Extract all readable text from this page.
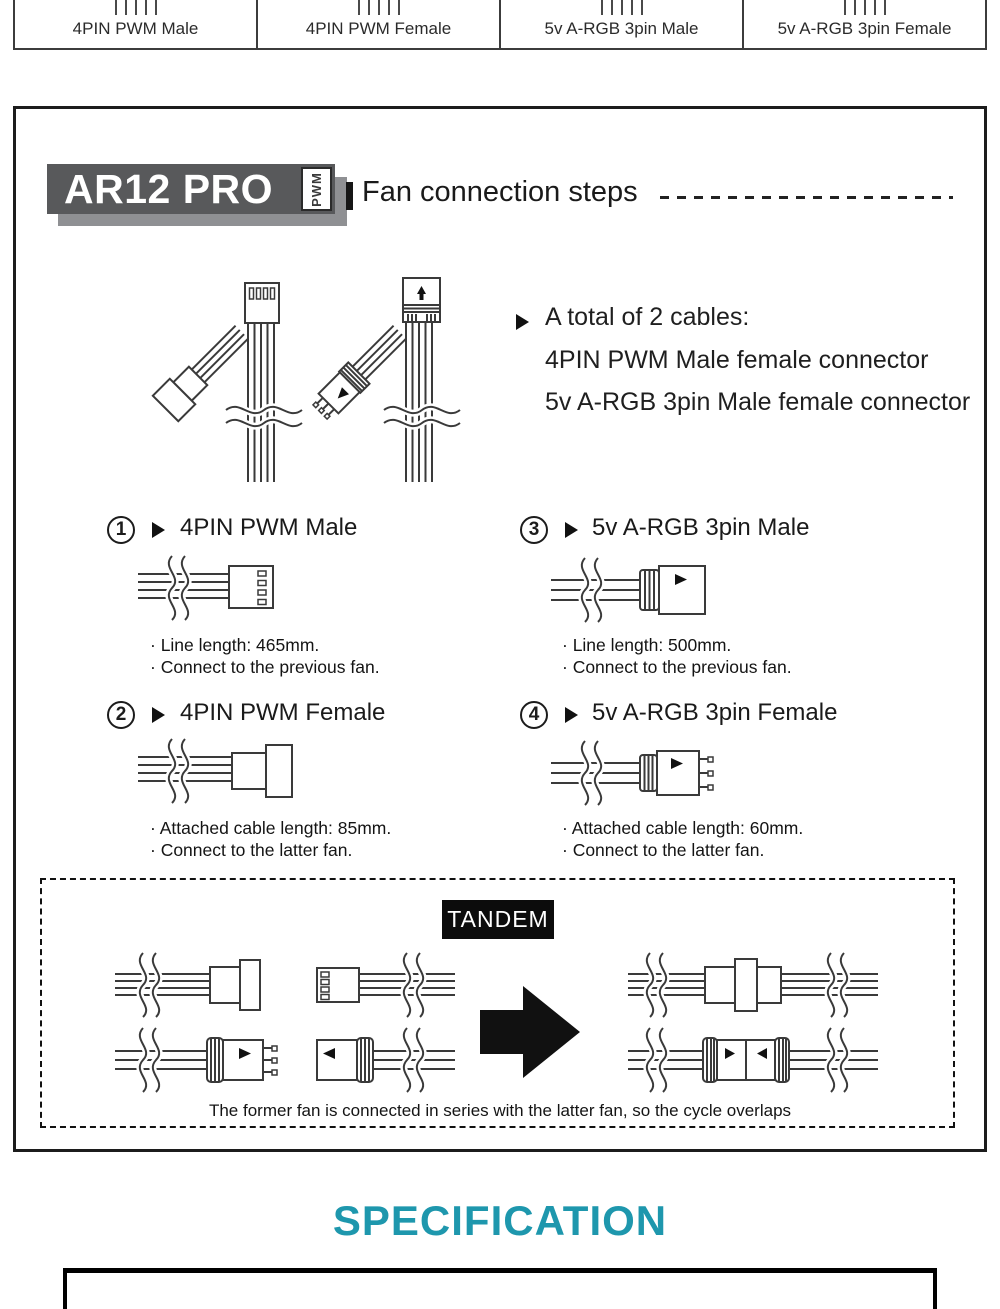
4PIN PWM Male	4PIN PWM Female	5v A-RGB 3pin Male	5v A-RGB 3pin Female
AR12 PRO	PWM Fan connection steps
A total of 2 cables:
4PIN PWM Male female connector
5v A-RGB 3pin Male female connector
1	4PIN PWM Male	3	5v A-RGB 3pin Male
· Line length: 465mm.
· Connect to the previous fan.
· Line length: 500mm.
· Connect to the previous fan.
2	4PIN PWM Female	4	5v A-RGB 3pin Female
· Attached cable length: 85mm.
· Connect to the latter fan.
· Attached cable length: 60mm.
· Connect to the latter fan.
TANDEM
The former fan is connected in series with the latter fan, so the cycle overlaps
SPECIFICATION
